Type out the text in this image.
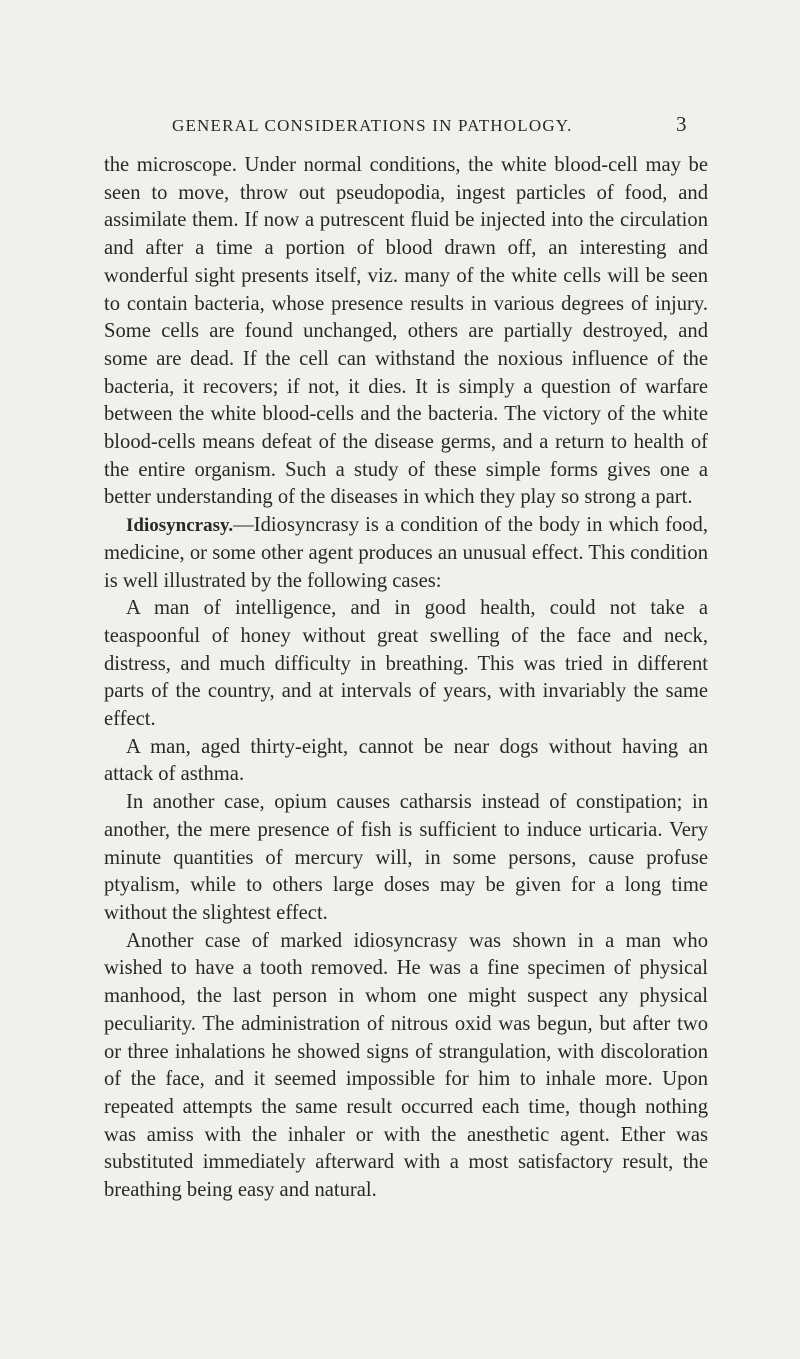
GENERAL CONSIDERATIONS IN PATHOLOGY.	3

the microscope. Under normal conditions, the white blood-cell may be seen to move, throw out pseudopodia, ingest particles of food, and assimilate them. If now a putrescent fluid be injected into the circulation and after a time a portion of blood drawn off, an interesting and wonderful sight presents itself, viz. many of the white cells will be seen to contain bacteria, whose presence results in various degrees of injury. Some cells are found unchanged, others are partially destroyed, and some are dead. If the cell can withstand the noxious influence of the bacteria, it recovers; if not, it dies. It is simply a question of warfare between the white blood-cells and the bacteria. The victory of the white blood-cells means defeat of the disease germs, and a return to health of the entire organism. Such a study of these simple forms gives one a better understanding of the diseases in which they play so strong a part.

Idiosyncrasy.—Idiosyncrasy is a condition of the body in which food, medicine, or some other agent produces an unusual effect. This condition is well illustrated by the following cases:

A man of intelligence, and in good health, could not take a teaspoonful of honey without great swelling of the face and neck, distress, and much difficulty in breathing. This was tried in different parts of the country, and at intervals of years, with invariably the same effect.

A man, aged thirty-eight, cannot be near dogs without having an attack of asthma.

In another case, opium causes catharsis instead of constipation; in another, the mere presence of fish is sufficient to induce urticaria. Very minute quantities of mercury will, in some persons, cause profuse ptyalism, while to others large doses may be given for a long time without the slightest effect.

Another case of marked idiosyncrasy was shown in a man who wished to have a tooth removed. He was a fine specimen of physical manhood, the last person in whom one might suspect any physical peculiarity. The administration of nitrous oxid was begun, but after two or three inhalations he showed signs of strangulation, with discoloration of the face, and it seemed impossible for him to inhale more. Upon repeated attempts the same result occurred each time, though nothing was amiss with the inhaler or with the anesthetic agent. Ether was substituted immediately afterward with a most satisfactory result, the breathing being easy and natural.
